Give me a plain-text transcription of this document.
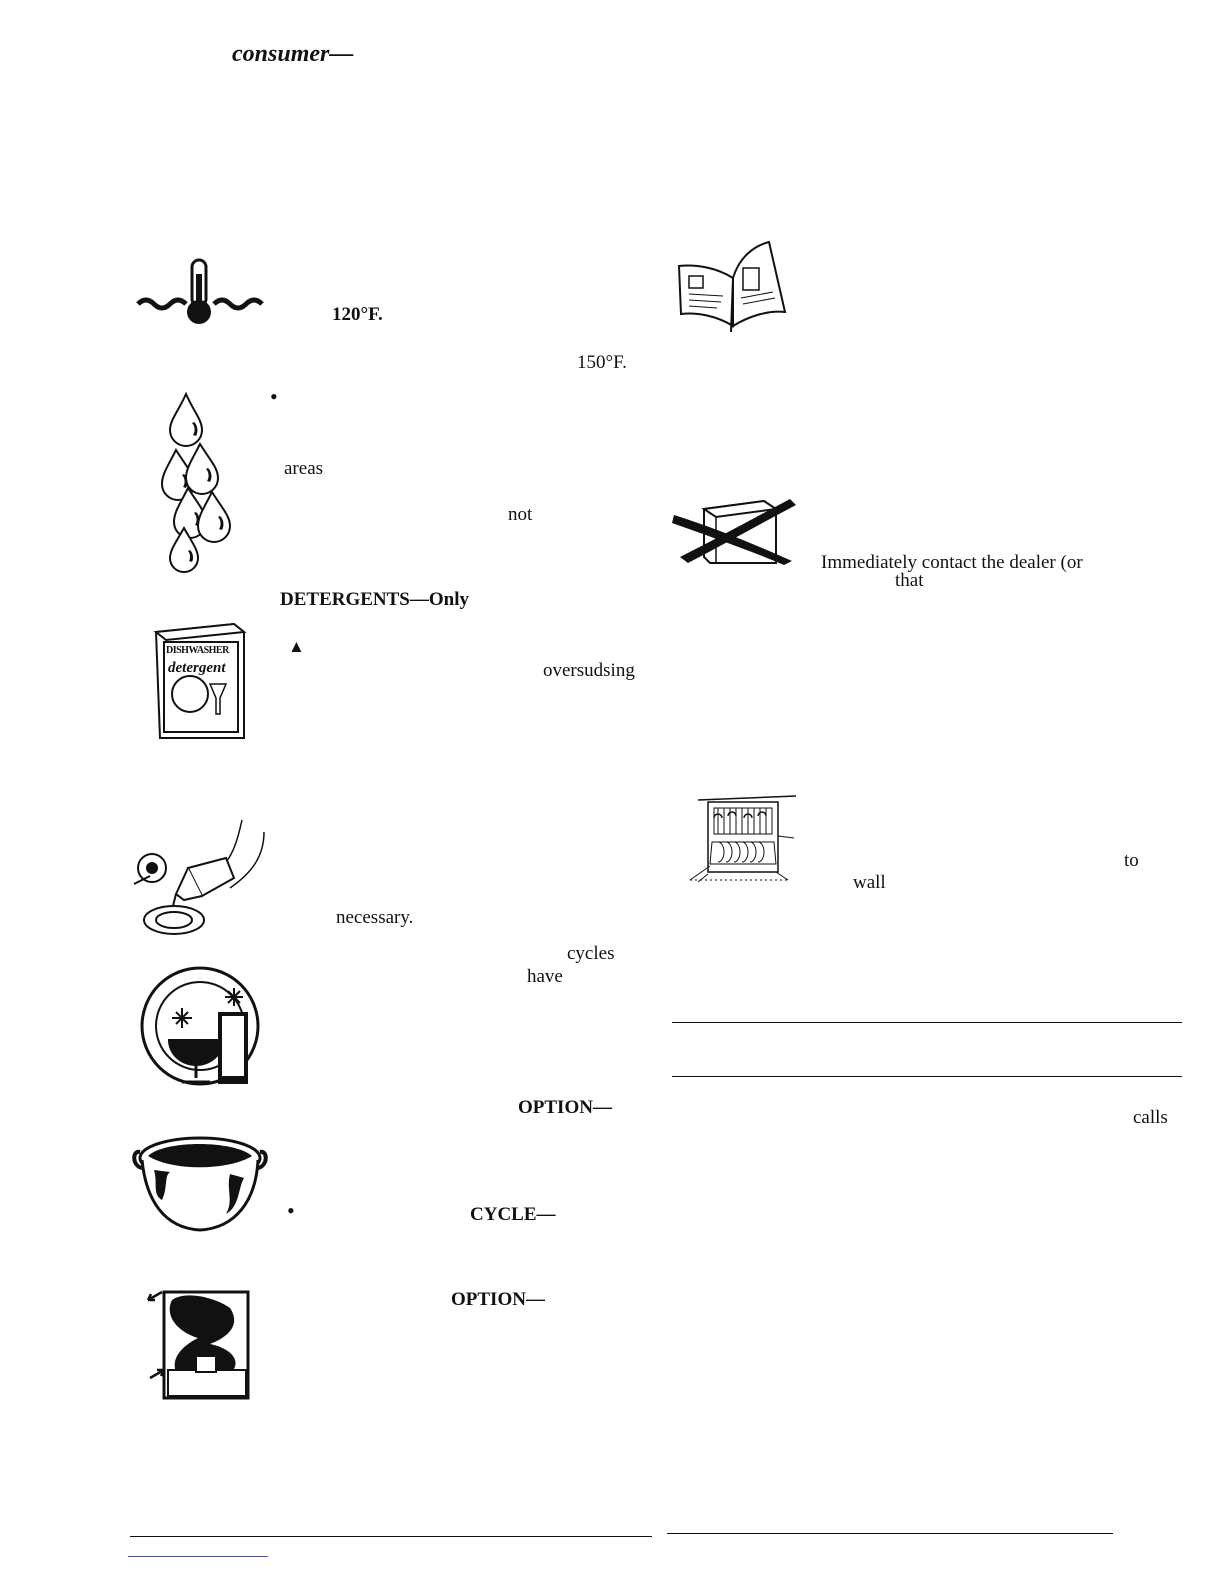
consumer—
120°F.
150°F.
•
areas
not
DETERGENTS—Only
DISHWASHER
detergent
▲
oversudsing
necessary.
cycles
have
OPTION—
•	CYCLE—
OPTION—
Immediately contact the dealer (or
that
to
wall
calls
